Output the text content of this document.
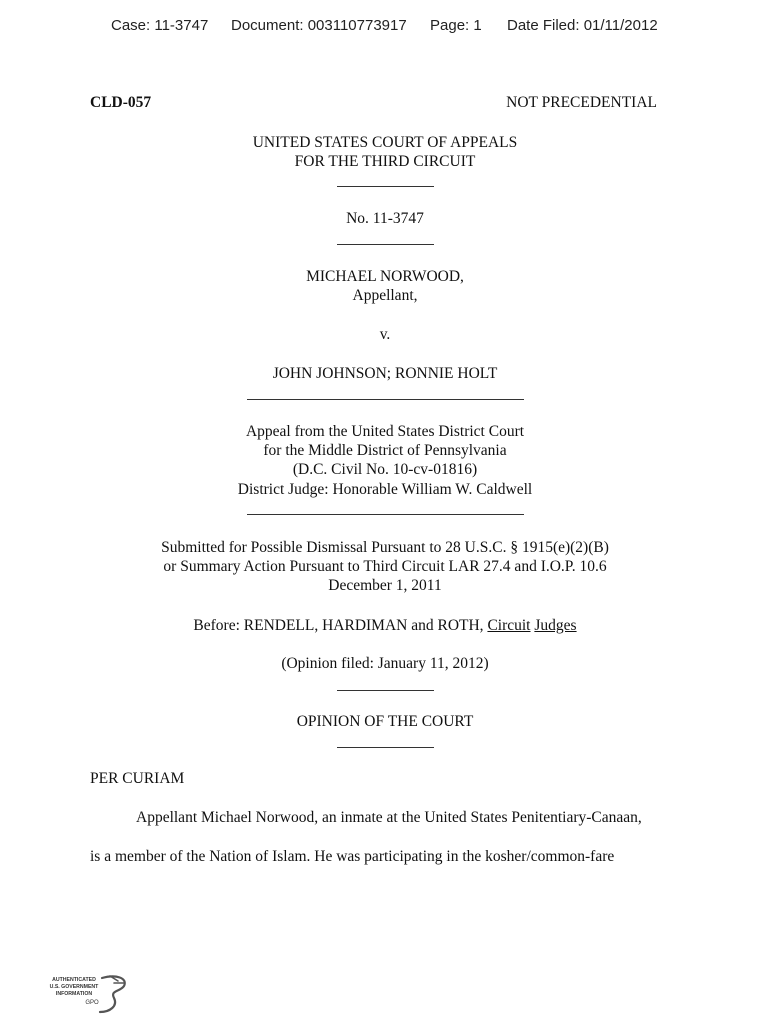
Case: 11-3747 Document: 003110773917 Page: 1 Date Filed: 01/11/2012
CLD-057	NOT PRECEDENTIAL
UNITED STATES COURT OF APPEALS
FOR THE THIRD CIRCUIT
No. 11-3747
MICHAEL NORWOOD,
Appellant,
v.
JOHN JOHNSON; RONNIE HOLT
Appeal from the United States District Court
for the Middle District of Pennsylvania
(D.C. Civil No. 10-cv-01816)
District Judge: Honorable William W. Caldwell
Submitted for Possible Dismissal Pursuant to 28 U.S.C. § 1915(e)(2)(B)
or Summary Action Pursuant to Third Circuit LAR 27.4 and I.O.P. 10.6
December 1, 2011
Before: RENDELL, HARDIMAN and ROTH, Circuit Judges
(Opinion filed: January 11, 2012)
OPINION OF THE COURT
PER CURIAM
Appellant Michael Norwood, an inmate at the United States Penitentiary-Canaan,
is a member of the Nation of Islam. He was participating in the kosher/common-fare
AUTHENTICATED
U.S. GOVERNMENT
INFORMATION
GPO
